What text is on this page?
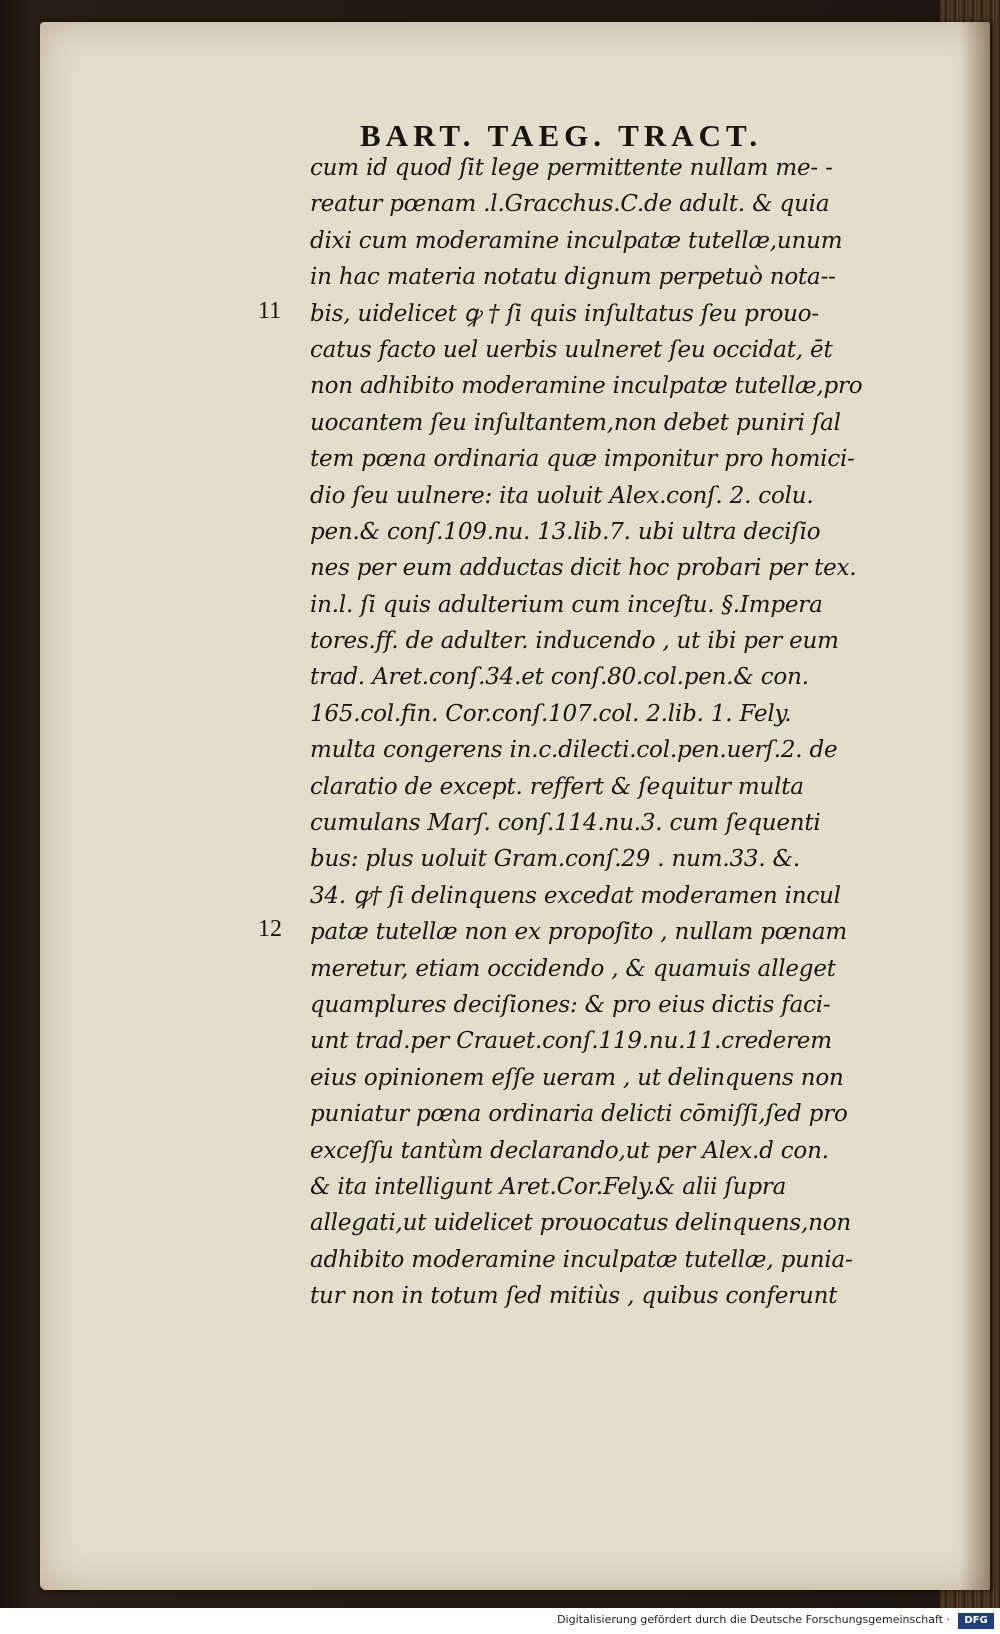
BART. TAEG. TRACT.
11
12
cum id quod ſit lege permittente nullam me- -
reatur pœnam .l.Gracchus.C.de adult. & quia
dixi cum moderamine inculpatæ tutellæ,unum
in hac materia notatu dignum perpetuò nota--
bis, uidelicet ꝙ † ſi quis inſultatus ſeu prouo-
catus facto uel uerbis uulneret ſeu occidat, ēt
non adhibito moderamine inculpatæ tutellæ,pro
uocantem ſeu inſultantem,non debet puniri ſal
tem pœna ordinaria quæ imponitur pro homici-
dio ſeu uulnere: ita uoluit Alex.conſ. 2. colu.
pen.& conſ.109.nu. 13.lib.7. ubi ultra deciſio
nes per eum adductas dicit hoc probari per tex.
in.l. ſi quis adulterium cum inceſtu. §.Impera
tores.ff. de adulter. inducendo , ut ibi per eum
trad. Aret.conſ.34.et conſ.80.col.pen.& con.
165.col.fin. Cor.conſ.107.col. 2.lib. 1. Fely.
multa congerens in.c.dilecti.col.pen.uerſ.2. de
claratio de except. reffert & ſequitur multa
cumulans Marſ. conſ.114.nu.3. cum ſequenti
bus: plus uoluit Gram.conſ.29 . num.33. &.
34. ꝙ† ſi delinquens excedat moderamen incul
patæ tutellæ non ex propoſito , nullam pœnam
meretur, etiam occidendo , & quamuis alleget
quamplures deciſiones: & pro eius dictis faci-
unt trad.per Crauet.conſ.119.nu.11.crederem
eius opinionem eſſe ueram , ut delinquens non
puniatur pœna ordinaria delicti cōmiſſi,ſed pro
exceſſu tantùm declarando,ut per Alex.d con.
& ita intelligunt Aret.Cor.Fely.& alii ſupra
allegati,ut uidelicet prouocatus delinquens,non
adhibito moderamine inculpatæ tutellæ, punia-
tur non in totum ſed mitiùs , quibus conferunt
Digitalisierung gefördert durch die Deutsche Forschungsgemeinschaft ·	DFG
